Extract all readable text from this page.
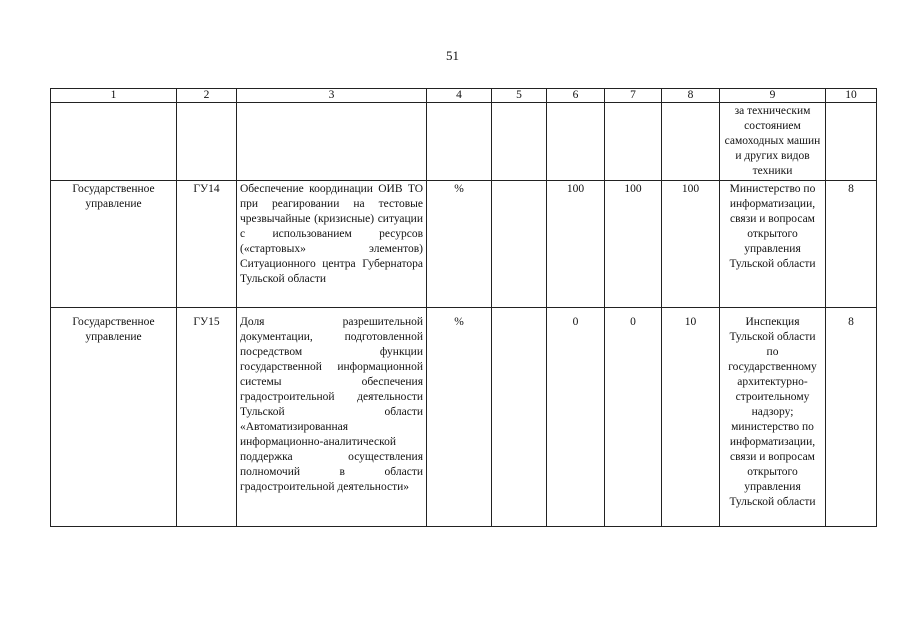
51
1	2	3	4	5	6	7	8	9	10
								за техническим состоянием самоходных машин и других видов техники	
Государственное управление	ГУ14	Обеспечение координации ОИВ ТО при реагировании на тестовые чрезвычайные (кризисные) ситуации с использованием ресурсов («стартовых» элементов) Ситуационного центра Губернатора Тульской области	%		100	100	100	Министерство по информатизации, связи и вопросам открытого управления Тульской области	8
Государственное управление	ГУ15	Доля разрешительной документации, подготовленной посредством функции государственной информационной системы обеспечения градостроительной деятельности Тульской области «Автоматизированная информационно-аналитической поддержка осуществления полномочий в области градостроительной деятельности»	%		0	0	10	Инспекция Тульской области по государственному архитектурно-строительному надзору; министерство по информатизации, связи и вопросам открытого управления Тульской области	8
